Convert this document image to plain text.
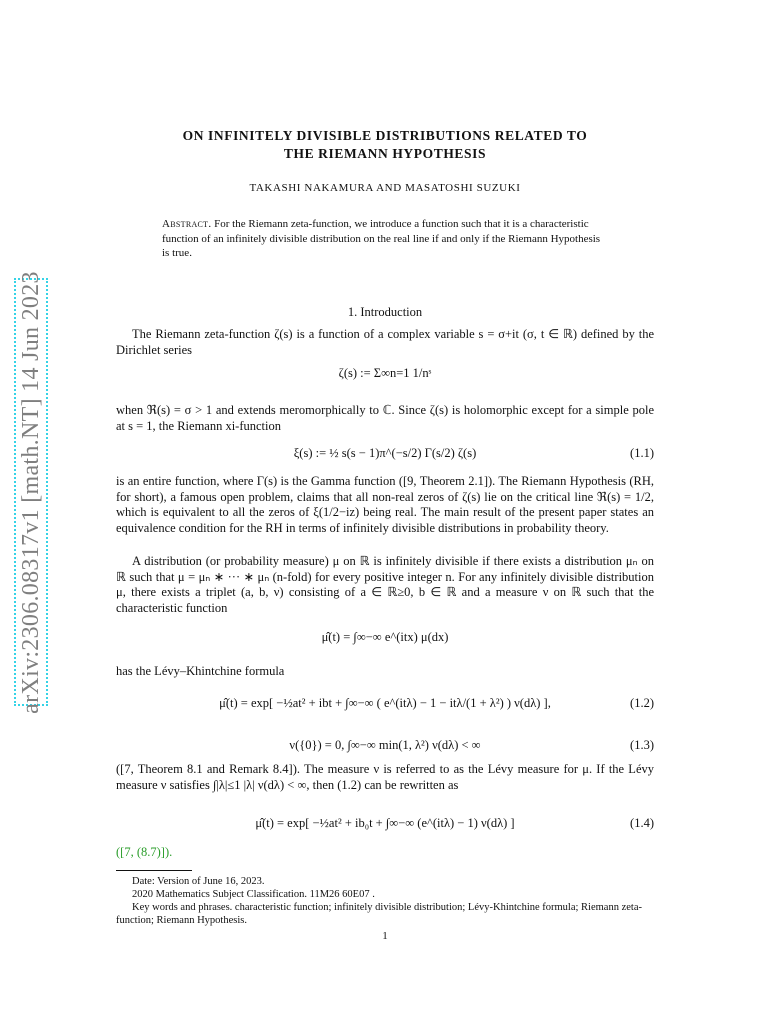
arXiv:2306.08317v1 [math.NT] 14 Jun 2023
ON INFINITELY DIVISIBLE DISTRIBUTIONS RELATED TO
THE RIEMANN HYPOTHESIS
TAKASHI NAKAMURA AND MASATOSHI SUZUKI
Abstract. For the Riemann zeta-function, we introduce a function such that it is a characteristic function of an infinitely divisible distribution on the real line if and only if the Riemann Hypothesis is true.
1. Introduction
The Riemann zeta-function ζ(s) is a function of a complex variable s = σ+it (σ, t ∈ ℝ) defined by the Dirichlet series
ζ(s) := Σ∞n=1 1/nˢ
when ℜ(s) = σ > 1 and extends meromorphically to ℂ. Since ζ(s) is holomorphic except for a simple pole at s = 1, the Riemann xi-function
ξ(s) := ½ s(s − 1)π^(−s/2) Γ(s/2) ζ(s)	(1.1)
is an entire function, where Γ(s) is the Gamma function ([9, Theorem 2.1]). The Riemann Hypothesis (RH, for short), a famous open problem, claims that all non-real zeros of ζ(s) lie on the critical line ℜ(s) = 1/2, which is equivalent to all the zeros of ξ(1/2−iz) being real. The main result of the present paper states an equivalence condition for the RH in terms of infinitely divisible distributions in probability theory.
A distribution (or probability measure) μ on ℝ is infinitely divisible if there exists a distribution μₙ on ℝ such that μ = μₙ ∗ ··· ∗ μₙ (n-fold) for every positive integer n. For any infinitely divisible distribution μ, there exists a triplet (a, b, ν) consisting of a ∈ ℝ≥0, b ∈ ℝ and a measure ν on ℝ such that the characteristic function
μ̂(t) = ∫∞−∞ e^(itx) μ(dx)
has the Lévy–Khintchine formula
μ̂(t) = exp[ −½at² + ibt + ∫∞−∞ ( e^(itλ) − 1 − itλ/(1 + λ²) ) ν(dλ) ],	(1.2)
ν({0}) = 0, ∫∞−∞ min(1, λ²) ν(dλ) < ∞	(1.3)
([7, Theorem 8.1 and Remark 8.4]). The measure ν is referred to as the Lévy measure for μ. If the Lévy measure ν satisfies ∫|λ|≤1 |λ| ν(dλ) < ∞, then (1.2) can be rewritten as
μ̂(t) = exp[ −½at² + ib₀t + ∫∞−∞ (e^(itλ) − 1) ν(dλ) ]	(1.4)
([7, (8.7)]).
Date: Version of June 16, 2023.
2020 Mathematics Subject Classification. 11M26 60E07 .
Key words and phrases. characteristic function; infinitely divisible distribution; Lévy-Khintchine formula; Riemann zeta-function; Riemann Hypothesis.
1
